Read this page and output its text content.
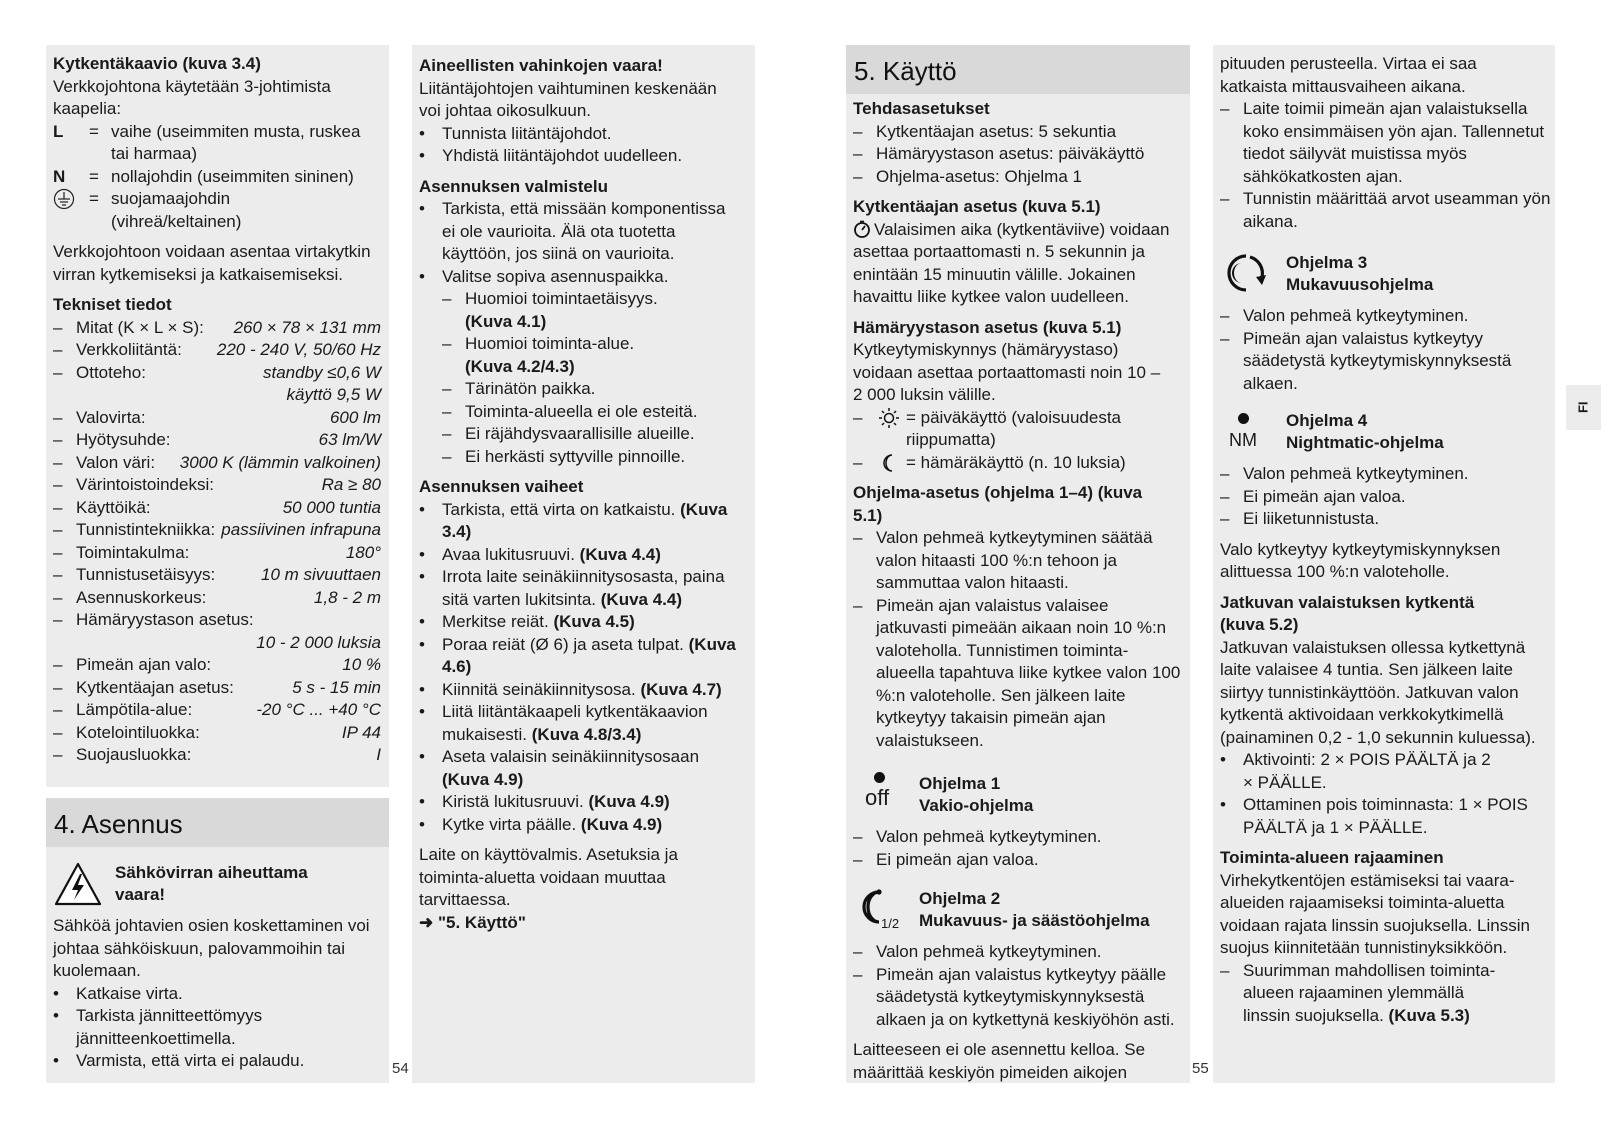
Kytkentäkaavio (kuva 3.4)

Verkkojohtona käytetään 3-johtimista kaapelia:

L	= vaihe (useimmiten musta, ruskea tai harmaa)
N	= nollajohdin (useimmiten sininen)
= suojamaajohdin (vihreä/keltainen)

Verkkojohtoon voidaan asentaa virtakytkin virran kytkemiseksi ja katkaisemiseksi.

Tekniset tiedot

– Mitat (K × L × S):	260 × 78 × 131 mm
– Verkkoliitäntä:	220 - 240 V, 50/60 Hz
– Ottoteho:	standby ≤0,6 W
käyttö 9,5 W
– Valovirta:	600 lm
– Hyötysuhde:	63 lm/W
– Valon väri:	3000 K (lämmin valkoinen)
– Värintoistoindeksi:	Ra ≥ 80
– Käyttöikä:	50 000 tuntia
– Tunnistintekniikka: passiivinen infrapuna
– Toimintakulma:	180°
– Tunnistusetäisyys:	10 m sivuuttaen
– Asennuskorkeus:	1,8 - 2 m
– Hämäryystason asetus:
10 - 2 000 luksia
– Pimeän ajan valo:	10 %
– Kytkentäajan asetus:	5 s - 15 min
– Lämpötila-alue:	-20 °C ... +40 °C
– Kotelointiluokka:	IP 44
– Suojausluokka:	I
4. Asennus
Sähkövirran aiheuttama vaara!

Sähköä johtavien osien koskettaminen voi johtaa sähköiskuun, palovammoihin tai kuolemaan.

• Katkaise virta.
• Tarkista jännitteettömyys jännitteenkoettimella.
• Varmista, että virta ei palaudu.

Aineellisten vahinkojen vaara!

Liitäntäjohtojen vaihtuminen keskenään voi johtaa oikosulkuun.

• Tunnista liitäntäjohdot.
• Yhdistä liitäntäjohdot uudelleen.

Asennuksen valmistelu

• Tarkista, että missään komponentissa ei ole vaurioita. Älä ota tuotetta käyttöön, jos siinä on vaurioita.
• Valitse sopiva asennuspaikka.
– Huomioi toimintaetäisyys.
(Kuva 4.1)
– Huomioi toiminta-alue.
(Kuva 4.2/4.3)
– Tärinätön paikka.
– Toiminta-alueella ei ole esteitä.
– Ei räjähdysvaarallisille alueille.
– Ei herkästi syttyville pinnoille.

Asennuksen vaiheet

• Tarkista, että virta on katkaistu. (Kuva 3.4)
• Avaa lukitusruuvi. (Kuva 4.4)
• Irrota laite seinäkiinnitysosasta, paina sitä varten lukitsinta. (Kuva 4.4)
• Merkitse reiät. (Kuva 4.5)
• Poraa reiät (Ø 6) ja aseta tulpat. (Kuva 4.6)
• Kiinnitä seinäkiinnitysosa. (Kuva 4.7)
• Liitä liitäntäkaapeli kytkentäkaavion mukaisesti. (Kuva 4.8/3.4)
• Aseta valaisin seinäkiinnitysosaan (Kuva 4.9)
• Kiristä lukitusruuvi. (Kuva 4.9)
• Kytke virta päälle. (Kuva 4.9)

Laite on käyttövalmis. Asetuksia ja toiminta-aluetta voidaan muuttaa tarvittaessa.

➜ "5. Käyttö"

5. Käyttö

Tehdasasetukset

– Kytkentäajan asetus: 5 sekuntia
– Hämäryystason asetus: päiväkäyttö
– Ohjelma-asetus: Ohjelma 1

Kytkentäajan asetus (kuva 5.1)

Valaisimen aika (kytkentäviive) voidaan asettaa portaattomasti n. 5 sekunnin ja enintään 15 minuutin välille. Jokainen havaittu liike kytkee valon uudelleen.

Hämäryystason asetus (kuva 5.1)

Kytkeytymiskynnys (hämäryystaso) voidaan asettaa portaattomasti noin 10 – 2 000 luksin välille.

–	= päiväkäyttö (valoisuudesta riippumatta)
–	= hämäräkäyttö (n. 10 luksia)

Ohjelma-asetus (ohjelma 1–4) (kuva 5.1)

– Valon pehmeä kytkeytyminen säätää valon hitaasti 100 %:n tehoon ja sammuttaa valon hitaasti.
– Pimeän ajan valaistus valaisee jatkuvasti pimeään aikaan noin 10 %:n valoteholla. Tunnistimen toiminta-alueella tapahtuva liike kytkee valon 100 %:n valoteholle. Sen jälkeen laite kytkeytyy takaisin pimeän ajan valaistukseen.
off
Ohjelma 1
Vakio-ohjelma
– Valon pehmeä kytkeytyminen.
– Ei pimeän ajan valoa.
1/2
Ohjelma 2
Mukavuus- ja säästöohjelma
– Valon pehmeä kytkeytyminen.
– Pimeän ajan valaistus kytkeytyy päälle säädetystä kytkeytymiskynnyksestä alkaen ja on kytkettynä keskiyöhön asti.

Laitteeseen ei ole asennettu kelloa. Se määrittää keskiyön pimeiden aikojen

pituuden perusteella. Virtaa ei saa katkaista mittausvaiheen aikana.

– Laite toimii pimeän ajan valaistuksella koko ensimmäisen yön ajan. Tallennetut tiedot säilyvät muistissa myös sähkökatkosten ajan.
– Tunnistin määrittää arvot useamman yön aikana.
Ohjelma 3
Mukavuusohjelma
– Valon pehmeä kytkeytyminen.
– Pimeän ajan valaistus kytkeytyy säädetystä kytkeytymiskynnyksestä alkaen.
NM
Ohjelma 4
Nightmatic-ohjelma
– Valon pehmeä kytkeytyminen.
– Ei pimeän ajan valoa.
– Ei liiketunnistusta.

Valo kytkeytyy kytkeytymiskynnyksen alittuessa 100 %:n valoteholle.

Jatkuvan valaistuksen kytkentä (kuva 5.2)

Jatkuvan valaistuksen ollessa kytkettynä laite valaisee 4 tuntia. Sen jälkeen laite siirtyy tunnistinkäyttöön. Jatkuvan valon kytkentä aktivoidaan verkkokytkimellä (painaminen 0,2 - 1,0 sekunnin kuluessa).

• Aktivointi: 2 × POIS PÄÄLTÄ ja 2 × PÄÄLLE.
• Ottaminen pois toiminnasta: 1 × POIS PÄÄLTÄ ja 1 × PÄÄLLE.

Toiminta-alueen rajaaminen

Virhekytkentöjen estämiseksi tai vaara-alueiden rajaamiseksi toiminta-aluetta voidaan rajata linssin suojuksella. Linssin suojus kiinnitetään tunnistinyksikköön.

– Suurimman mahdollisen toiminta-alueen rajaaminen ylemmällä linssin suojuksella. (Kuva 5.3)
54	55
FI
